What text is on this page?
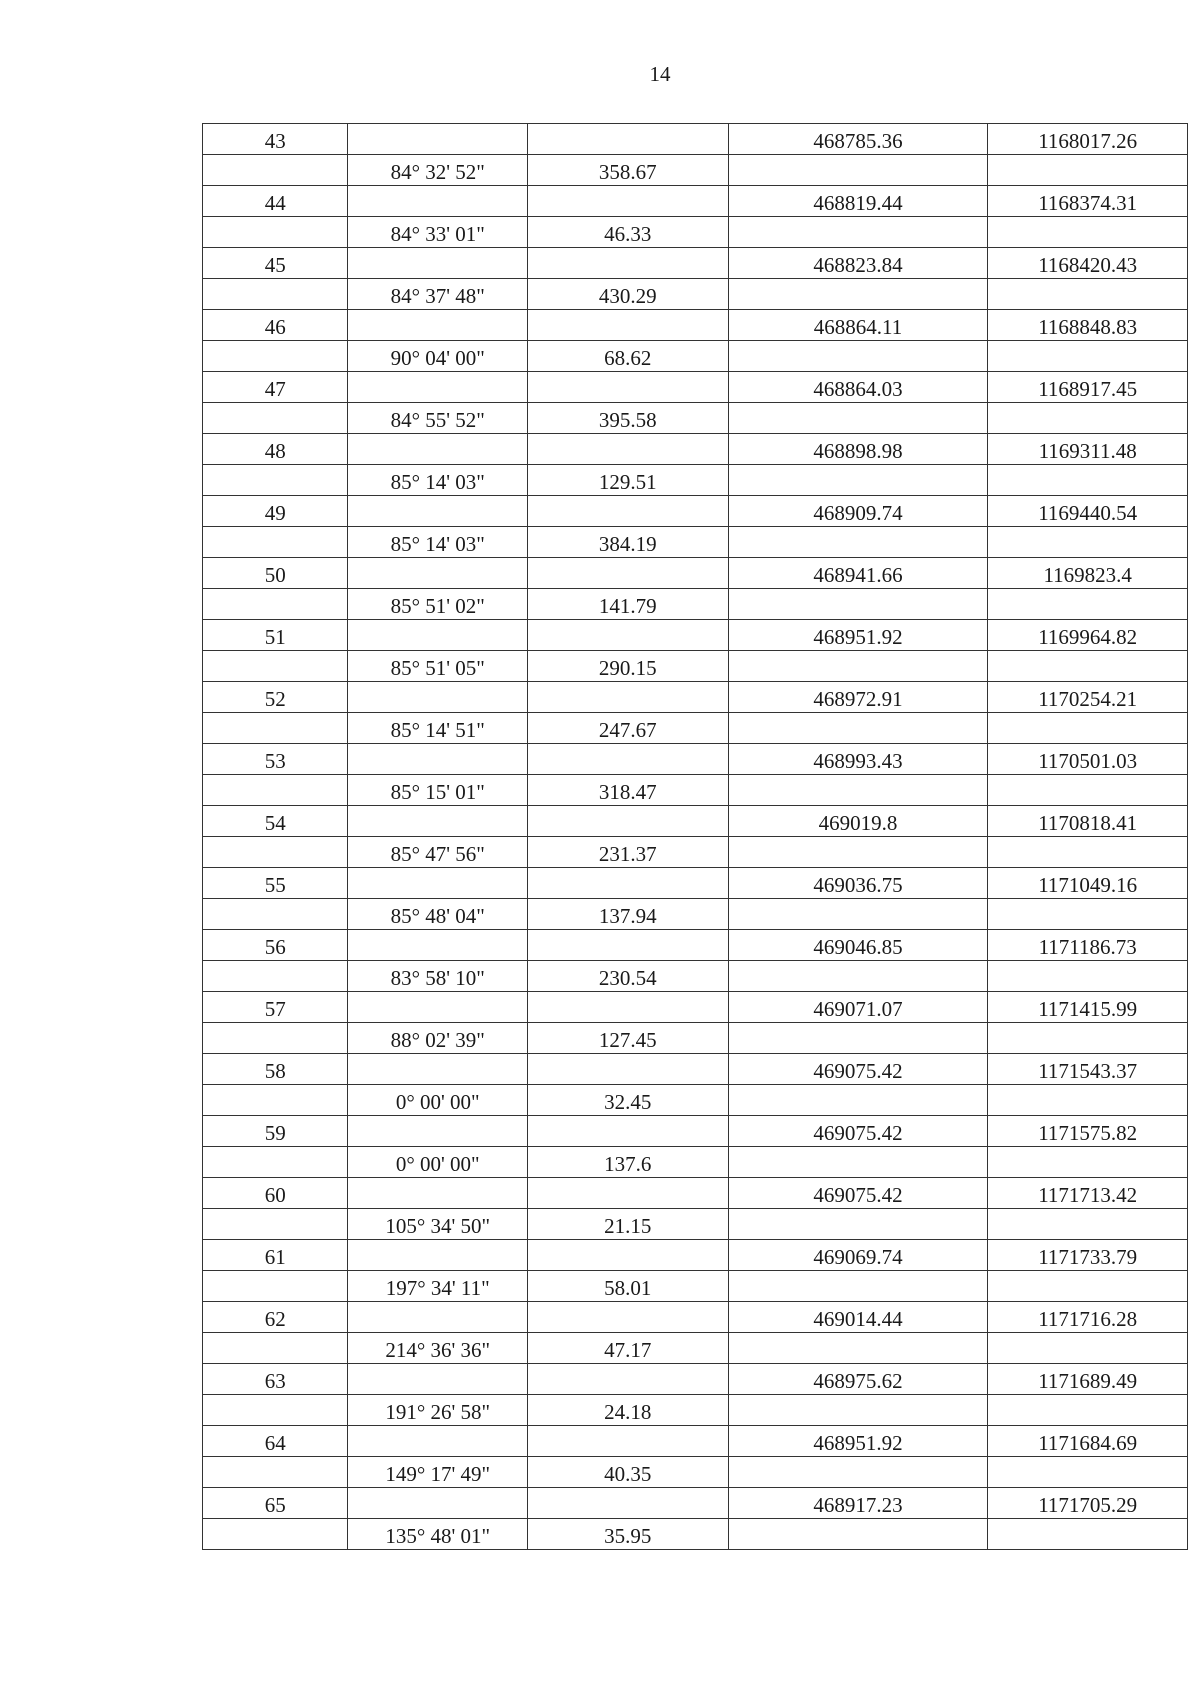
14
43			468785.36	1168017.26
	84° 32' 52"	358.67		
44			468819.44	1168374.31
	84° 33' 01"	46.33		
45			468823.84	1168420.43
	84° 37' 48"	430.29		
46			468864.11	1168848.83
	90° 04' 00"	68.62		
47			468864.03	1168917.45
	84° 55' 52"	395.58		
48			468898.98	1169311.48
	85° 14' 03"	129.51		
49			468909.74	1169440.54
	85° 14' 03"	384.19		
50			468941.66	1169823.4
	85° 51' 02"	141.79		
51			468951.92	1169964.82
	85° 51' 05"	290.15		
52			468972.91	1170254.21
	85° 14' 51"	247.67		
53			468993.43	1170501.03
	85° 15' 01"	318.47		
54			469019.8	1170818.41
	85° 47' 56"	231.37		
55			469036.75	1171049.16
	85° 48' 04"	137.94		
56			469046.85	1171186.73
	83° 58' 10"	230.54		
57			469071.07	1171415.99
	88° 02' 39"	127.45		
58			469075.42	1171543.37
	0° 00' 00"	32.45		
59			469075.42	1171575.82
	0° 00' 00"	137.6		
60			469075.42	1171713.42
	105° 34' 50"	21.15		
61			469069.74	1171733.79
	197° 34' 11"	58.01		
62			469014.44	1171716.28
	214° 36' 36"	47.17		
63			468975.62	1171689.49
	191° 26' 58"	24.18		
64			468951.92	1171684.69
	149° 17' 49"	40.35		
65			468917.23	1171705.29
	135° 48' 01"	35.95		
